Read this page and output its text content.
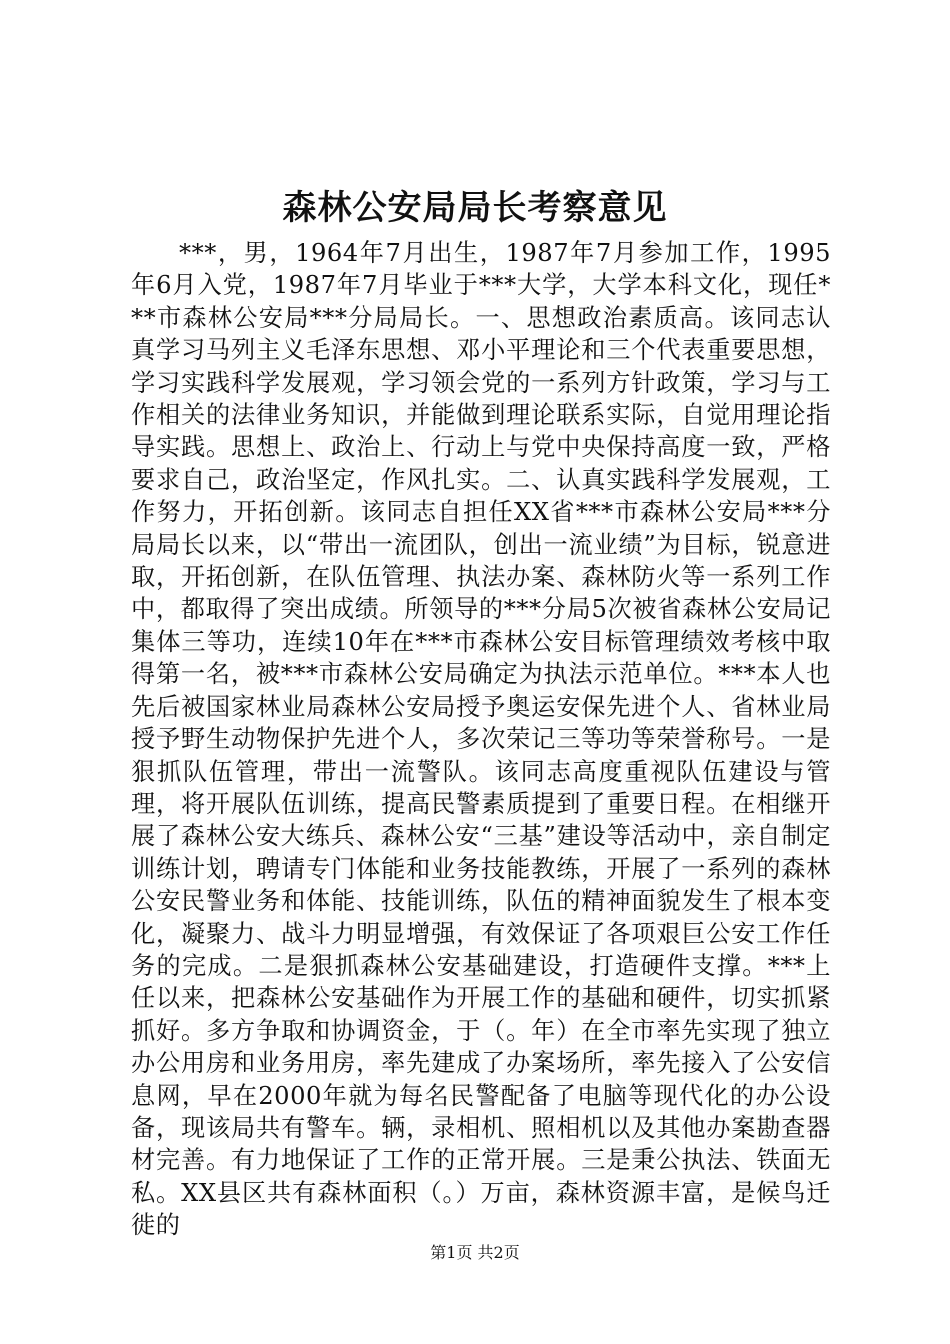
森林公安局局长考察意见

***，男，1964年7月出生，1987年7月参加工作，1995年6月入党，1987年7月毕业于***大学，大学本科文化，现任***市森林公安局***分局局长。一、思想政治素质高。该同志认真学习马列主义毛泽东思想、邓小平理论和三个代表重要思想，学习实践科学发展观，学习领会党的一系列方针政策，学习与工作相关的法律业务知识，并能做到理论联系实际，自觉用理论指导实践。思想上、政治上、行动上与党中央保持高度一致，严格要求自己，政治坚定，作风扎实。二、认真实践科学发展观，工作努力，开拓创新。该同志自担任XX省***市森林公安局***分局局长以来，以“带出一流团队，创出一流业绩”为目标，锐意进取，开拓创新，在队伍管理、执法办案、森林防火等一系列工作中，都取得了突出成绩。所领导的***分局5次被省森林公安局记集体三等功，连续10年在***市森林公安目标管理绩效考核中取得第一名，被***市森林公安局确定为执法示范单位。***本人也先后被国家林业局森林公安局授予奥运安保先进个人、省林业局授予野生动物保护先进个人，多次荣记三等功等荣誉称号。一是狠抓队伍管理，带出一流警队。该同志高度重视队伍建设与管理，将开展队伍训练，提高民警素质提到了重要日程。在相继开展了森林公安大练兵、森林公安“三基”建设等活动中，亲自制定训练计划，聘请专门体能和业务技能教练，开展了一系列的森林公安民警业务和体能、技能训练，队伍的精神面貌发生了根本变化，凝聚力、战斗力明显增强，有效保证了各项艰巨公安工作任务的完成。二是狠抓森林公安基础建设，打造硬件支撑。***上任以来，把森林公安基础作为开展工作的基础和硬件，切实抓紧抓好。多方争取和协调资金，于（。年）在全市率先实现了独立办公用房和业务用房，率先建成了办案场所，率先接入了公安信息网，早在2000年就为每名民警配备了电脑等现代化的办公设备，现该局共有警车。辆，录相机、照相机以及其他办案勘查器材完善。有力地保证了工作的正常开展。三是秉公执法、铁面无私。XX县区共有森林面积（。）万亩，森林资源丰富，是候鸟迁徙的

第1页 共2页
